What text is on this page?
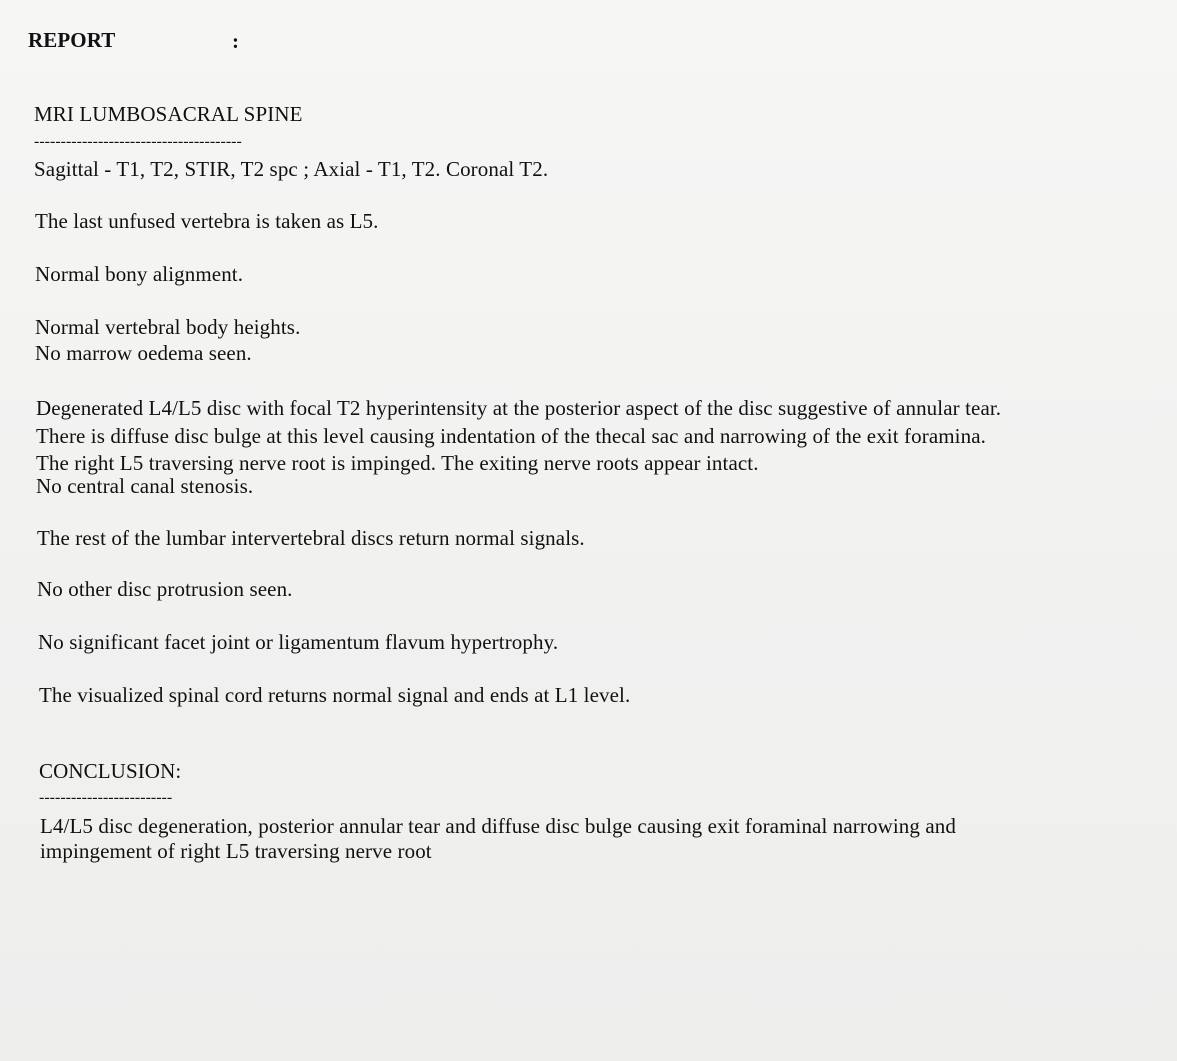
REPORT	:
MRI LUMBOSACRAL SPINE
---------------------------------------
Sagittal - T1, T2, STIR, T2 spc ; Axial - T1, T2. Coronal T2.
The last unfused vertebra is taken as L5.
Normal bony alignment.
Normal vertebral body heights.
No marrow oedema seen.
Degenerated L4/L5 disc with focal T2 hyperintensity at the posterior aspect of the disc suggestive of annular tear.
There is diffuse disc bulge at this level causing indentation of the thecal sac and narrowing of the exit foramina.
The right L5 traversing nerve root is impinged. The exiting nerve roots appear intact.
No central canal stenosis.
The rest of the lumbar intervertebral discs return normal signals.
No other disc protrusion seen.
No significant facet joint or ligamentum flavum hypertrophy.
The visualized spinal cord returns normal signal and ends at L1 level.
CONCLUSION:
-------------------------
L4/L5 disc degeneration, posterior annular tear and diffuse disc bulge causing exit foraminal narrowing and
impingement of right L5 traversing nerve root
